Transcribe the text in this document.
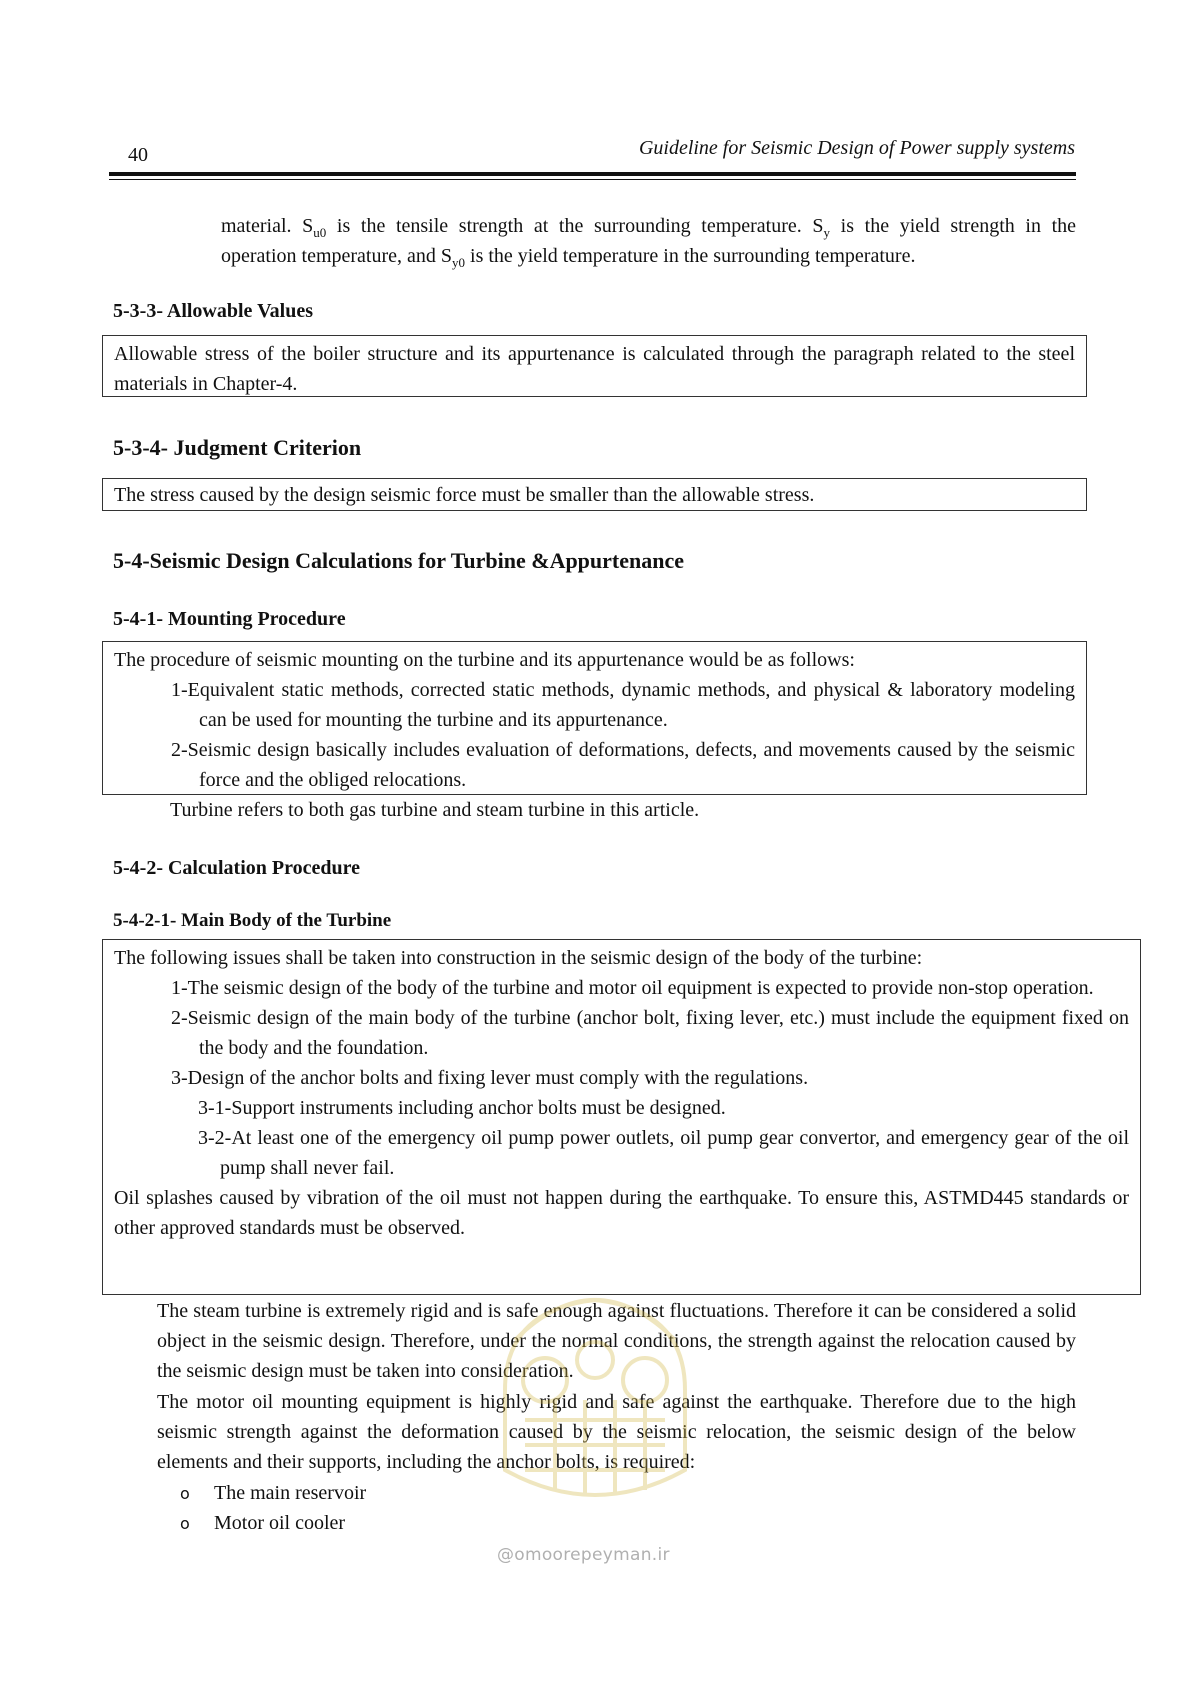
40	Guideline for Seismic Design of Power supply systems
material. $S_{u0}$ is the tensile strength at the surrounding temperature. $S_y$ is the yield strength in the
operation temperature, and $S_{y0}$ is the yield temperature in the surrounding temperature.
5-3-3- Allowable Values
Allowable stress of the boiler structure and its appurtenance is calculated through the paragraph related to the steel materials in Chapter-4.
5-3-4- Judgment Criterion
The stress caused by the design seismic force must be smaller than the allowable stress.
5-4-Seismic Design Calculations for Turbine &Appurtenance
5-4-1- Mounting Procedure
The procedure of seismic mounting on the turbine and its appurtenance would be as follows:
1-Equivalent static methods, corrected static methods, dynamic methods, and physical & laboratory modeling can be used for mounting the turbine and its appurtenance.
2-Seismic design basically includes evaluation of deformations, defects, and movements caused by the seismic force and the obliged relocations.
Turbine refers to both gas turbine and steam turbine in this article.
5-4-2- Calculation Procedure
5-4-2-1- Main Body of the Turbine
The following issues shall be taken into construction in the seismic design of the body of the turbine:
1-The seismic design of the body of the turbine and motor oil equipment is expected to provide non-stop operation.
2-Seismic design of the main body of the turbine (anchor bolt, fixing lever, etc.) must include the equipment fixed on the body and the foundation.
3-Design of the anchor bolts and fixing lever must comply with the regulations.
3-1-Support instruments including anchor bolts must be designed.
3-2-At least one of the emergency oil pump power outlets, oil pump gear convertor, and emergency gear of the oil pump shall never fail.
Oil splashes caused by vibration of the oil must not happen during the earthquake. To ensure this, ASTMD445 standards or other approved standards must be observed.
The steam turbine is extremely rigid and is safe enough against fluctuations. Therefore it can be considered a solid object in the seismic design. Therefore, under the normal conditions, the strength against the relocation caused by the seismic design must be taken into consideration.
The motor oil mounting equipment is highly rigid and safe against the earthquake. Therefore due to the high seismic strength against the deformation caused by the seismic relocation, the seismic design of the below elements and their supports, including the anchor bolts, is required:
o The main reservoir
o Motor oil cooler
@omoorepeyman.ir
